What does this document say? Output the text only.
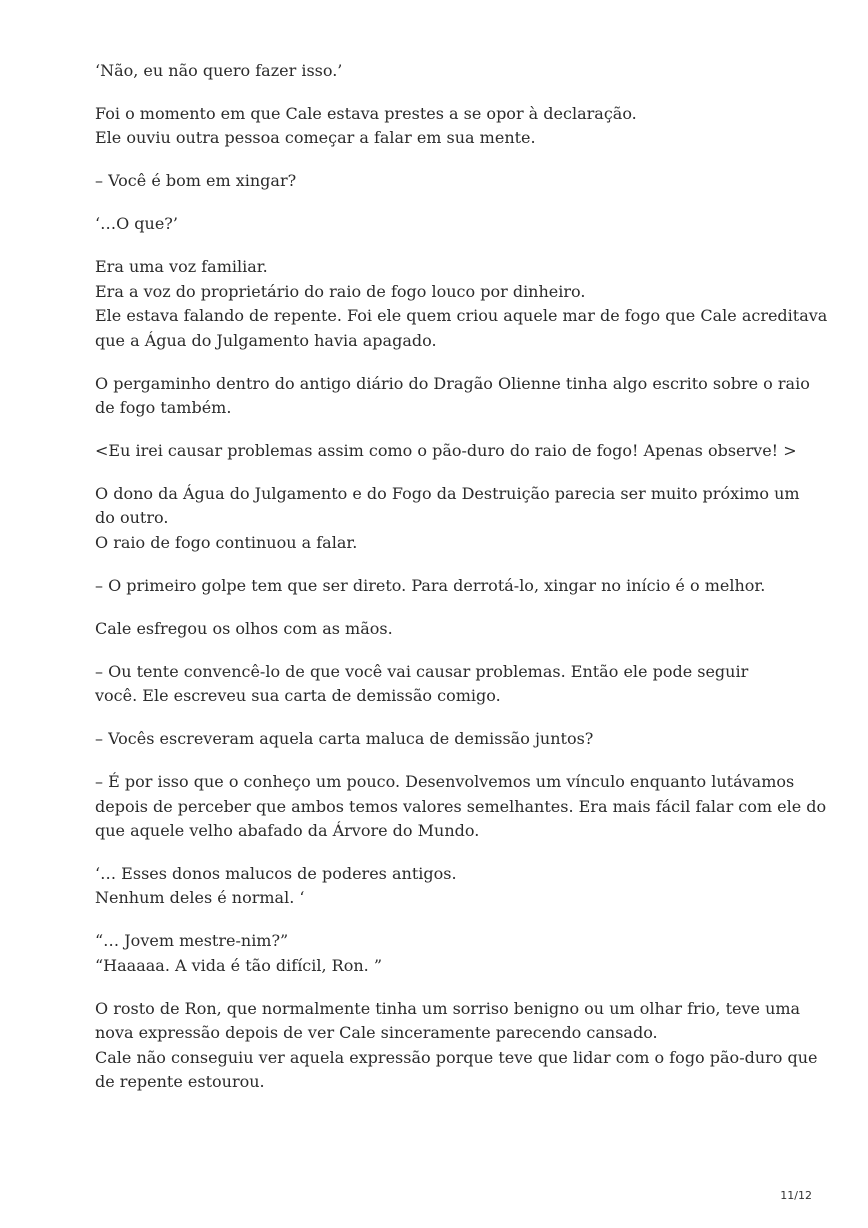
‘Não, eu não quero fazer isso.’

Foi o momento em que Cale estava prestes a se opor à declaração.
Ele ouviu outra pessoa começar a falar em sua mente.

– Você é bom em xingar?

‘…O que?’

Era uma voz familiar.
Era a voz do proprietário do raio de fogo louco por dinheiro.
Ele estava falando de repente. Foi ele quem criou aquele mar de fogo que Cale acreditava
que a Água do Julgamento havia apagado.

O pergaminho dentro do antigo diário do Dragão Olienne tinha algo escrito sobre o raio
de fogo também.

<Eu irei causar problemas assim como o pão-duro do raio de fogo! Apenas observe! >

O dono da Água do Julgamento e do Fogo da Destruição parecia ser muito próximo um
do outro.
O raio de fogo continuou a falar.

– O primeiro golpe tem que ser direto. Para derrotá-lo, xingar no início é o melhor.

Cale esfregou os olhos com as mãos.

– Ou tente convencê-lo de que você vai causar problemas. Então ele pode seguir
você. Ele escreveu sua carta de demissão comigo.

– Vocês escreveram aquela carta maluca de demissão juntos?

– É por isso que o conheço um pouco. Desenvolvemos um vínculo enquanto lutávamos
depois de perceber que ambos temos valores semelhantes. Era mais fácil falar com ele do
que aquele velho abafado da Árvore do Mundo.

‘… Esses donos malucos de poderes antigos.
Nenhum deles é normal. ‘

“… Jovem mestre-nim?”
“Haaaaa. A vida é tão difícil, Ron. ”

O rosto de Ron, que normalmente tinha um sorriso benigno ou um olhar frio, teve uma
nova expressão depois de ver Cale sinceramente parecendo cansado.
Cale não conseguiu ver aquela expressão porque teve que lidar com o fogo pão-duro que
de repente estourou.

11/12
